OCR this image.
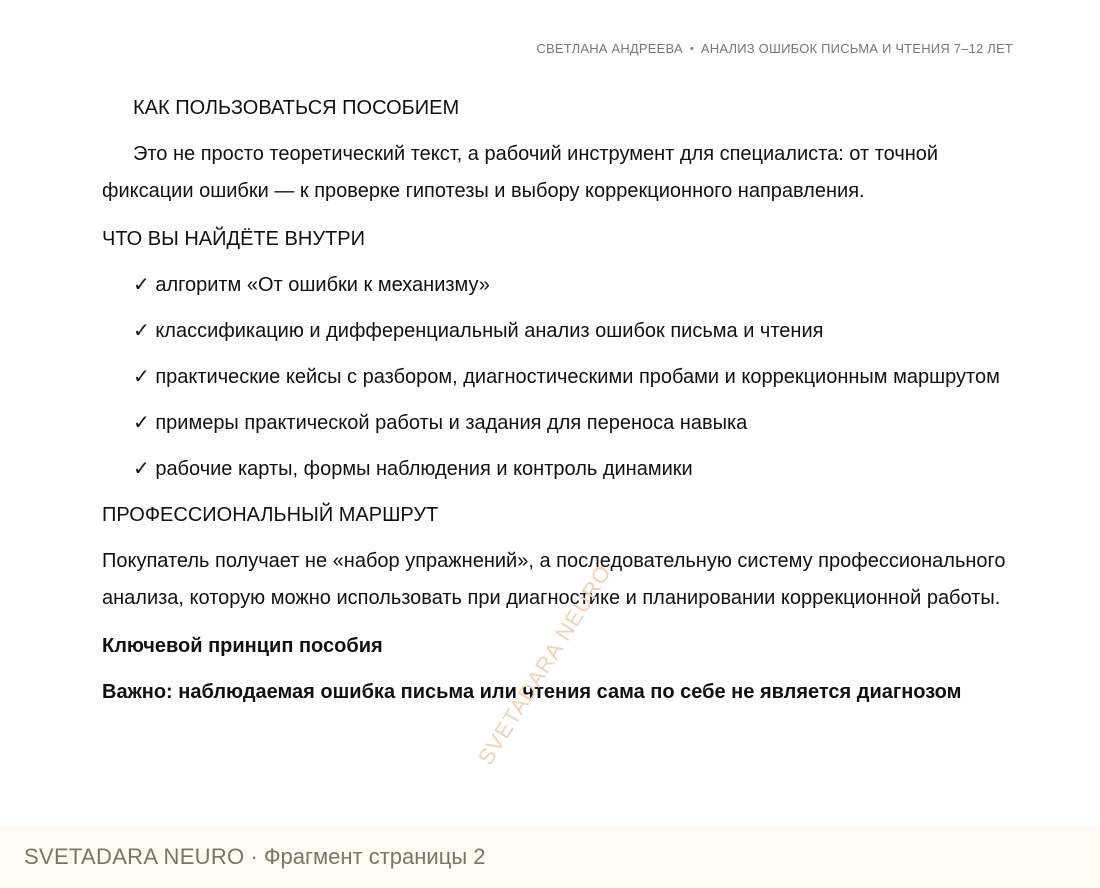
СВЕТЛАНА АНДРЕЕВА • АНАЛИЗ ОШИБОК ПИСЬМА И ЧТЕНИЯ 7–12 ЛЕТ

КАК ПОЛЬЗОВАТЬСЯ ПОСОБИЕМ

Это не просто теоретический текст, а рабочий инструмент для специалиста: от точной фиксации ошибки — к проверке гипотезы и выбору коррекционного направления.

ЧТО ВЫ НАЙДЁТЕ ВНУТРИ

✓ алгоритм «От ошибки к механизму»

✓ классификацию и дифференциальный анализ ошибок письма и чтения

✓ практические кейсы с разбором, диагностическими пробами и коррекционным маршрутом

✓ примеры практической работы и задания для переноса навыка

✓ рабочие карты, формы наблюдения и контроль динамики

ПРОФЕССИОНАЛЬНЫЙ МАРШРУТ

Покупатель получает не «набор упражнений», а последовательную систему профессионального анализа, которую можно использовать при диагностике и планировании коррекционной работы.

Ключевой принцип пособия

Важно: наблюдаемая ошибка письма или чтения сама по себе не является диагнозом

SVETADARA NEURO
SVETADARA NEURO · Фрагмент страницы 2
